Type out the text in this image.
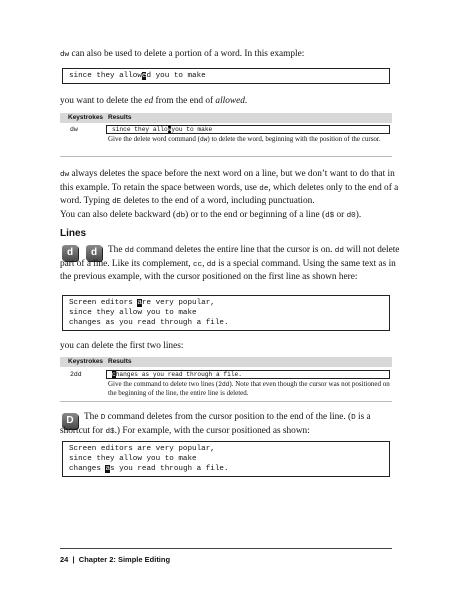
dw can also be used to delete a portion of a word. In this example:
since they allowed you to make
you want to delete the ed from the end of allowed.
Keystrokes Results
dw	since they allowyou to make
Give the delete word command (dw) to delete the word, beginning with the position of the cursor.
dw always deletes the space before the next word on a line, but we don’t want to do that in this example. To retain the space between words, use de, which deletes only to the end of a word. Typing dE deletes to the end of a word, including punctuation.
You can also delete backward (db) or to the end or beginning of a line (d$ or d0).
Lines
d	d	The dd command deletes the entire line that the cursor is on. dd will not delete part of a line. Like its complement, cc, dd is a special command. Using the same text as in the previous example, with the cursor positioned on the first line as shown here:
Screen editors are very popular,
since they allow you to make
changes as you read through a file.
you can delete the first two lines:
Keystrokes Results
2dd	changes as you read through a file.
Give the command to delete two lines (2dd). Note that even though the cursor was not positioned on the beginning of the line, the entire line is deleted.
D	The D command deletes from the cursor position to the end of the line. (D is a shortcut for d$.) For example, with the cursor positioned as shown:
Screen editors are very popular,
since they allow you to make
changes as you read through a file.
24 | Chapter 2: Simple Editing
